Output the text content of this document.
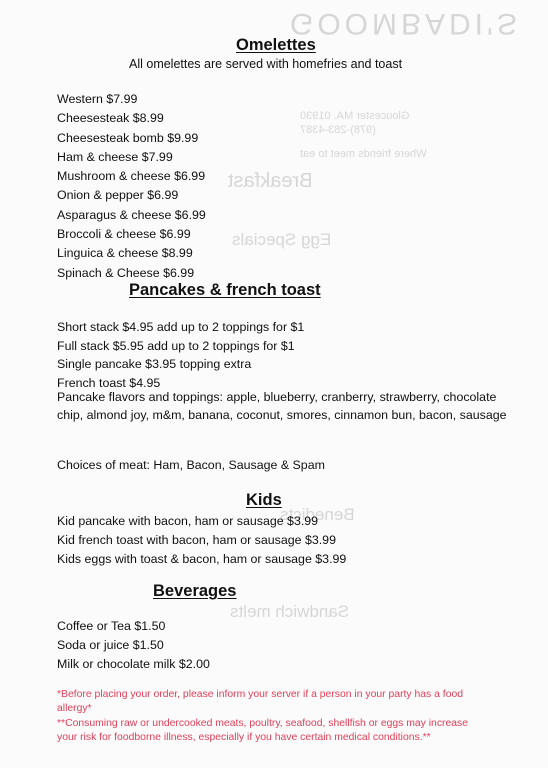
GOOMBADI'S
Gloucester MA. 01930
(978)-283-4387
Where friends meet to eat
Breakfast
Egg Specials
Benedicts
Sandwich melts
Omelettes
All omelettes are served with homefries and toast
Western $7.99
Cheesesteak $8.99
Cheesesteak bomb $9.99
Ham & cheese $7.99
Mushroom & cheese $6.99
Onion & pepper $6.99
Asparagus & cheese $6.99
Broccoli & cheese $6.99
Linguica & cheese $8.99
Spinach & Cheese $6.99
Pancakes & french toast
Short stack $4.95 add up to 2 toppings for $1
Full stack $5.95 add up to 2 toppings for $1
Single pancake $3.95 topping extra
French toast $4.95
Pancake flavors and toppings: apple, blueberry, cranberry, strawberry, chocolate chip, almond joy, m&m, banana, coconut, smores, cinnamon bun, bacon, sausage
Choices of meat: Ham, Bacon, Sausage & Spam
Kids
Kid pancake with bacon, ham or sausage $3.99
Kid french toast with bacon, ham or sausage $3.99
Kids eggs with toast & bacon, ham or sausage $3.99
Beverages
Coffee or Tea $1.50
Soda or juice $1.50
Milk or chocolate milk $2.00

*Before placing your order, please inform your server if a person in your party has a food allergy*

**Consuming raw or undercooked meats, poultry, seafood, shellfish or eggs may increase your risk for foodborne illness, especially if you have certain medical conditions.**
